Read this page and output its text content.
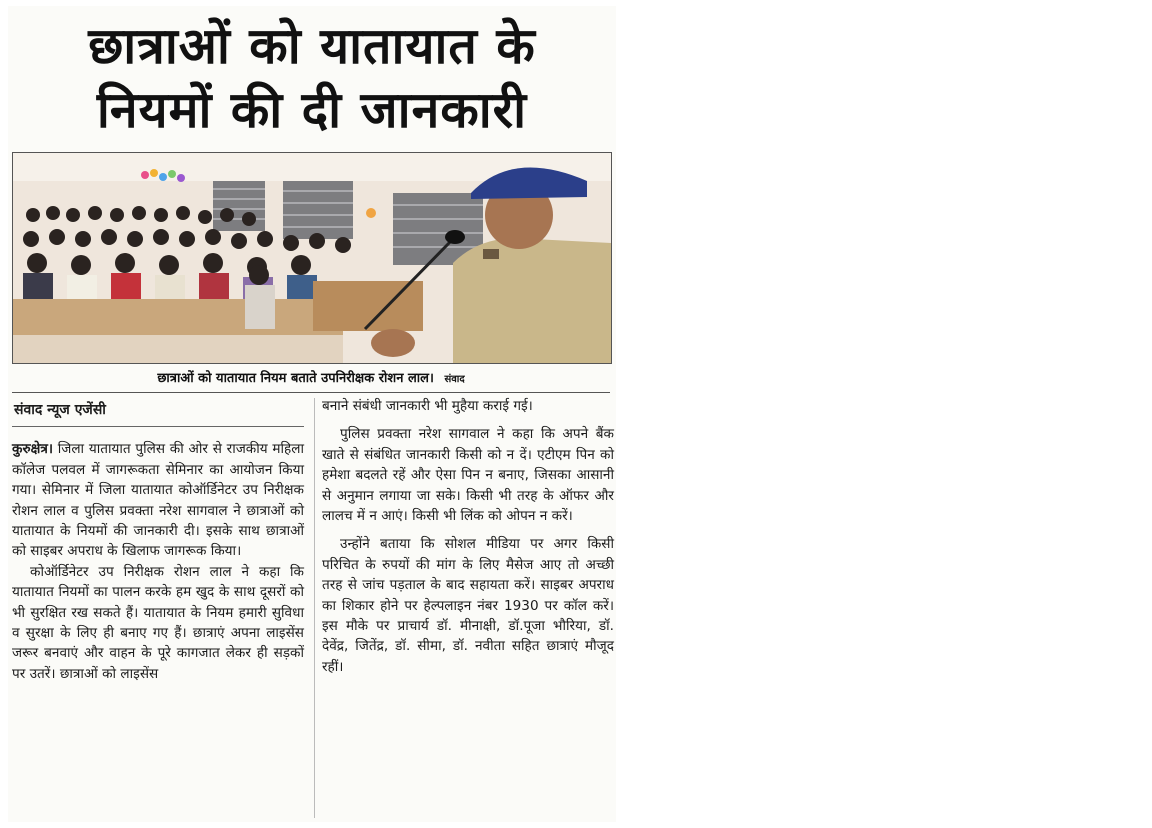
छात्राओं को यातायात के
नियमों की दी जानकारी
छात्राओं को यातायात नियम बताते उपनिरीक्षक रोशन लाल। संवाद
संवाद न्यूज एजेंसी

कुरुक्षेत्र। जिला यातायात पुलिस की ओर से राजकीय महिला कॉलेज पलवल में जागरूकता सेमिनार का आयोजन किया गया। सेमिनार में जिला यातायात कोऑर्डिनेटर उप निरीक्षक रोशन लाल व पुलिस प्रवक्ता नरेश सागवाल ने छात्राओं को यातायात के नियमों की जानकारी दी। इसके साथ छात्राओं को साइबर अपराध के खिलाफ जागरूक किया।

कोऑर्डिनेटर उप निरीक्षक रोशन लाल ने कहा कि यातायात नियमों का पालन करके हम खुद के साथ दूसरों को भी सुरक्षित रख सकते हैं। यातायात के नियम हमारी सुविधा व सुरक्षा के लिए ही बनाए गए हैं। छात्राएं अपना लाइसेंस जरूर बनवाएं और वाहन के पूरे कागजात लेकर ही सड़कों पर उतरें। छात्राओं को लाइसेंस

बनाने संबंधी जानकारी भी मुहैया कराई गई।

पुलिस प्रवक्ता नरेश सागवाल ने कहा कि अपने बैंक खाते से संबंधित जानकारी किसी को न दें। एटीएम पिन को हमेशा बदलते रहें और ऐसा पिन न बनाए, जिसका आसानी से अनुमान लगाया जा सके। किसी भी तरह के ऑफर और लालच में न आएं। किसी भी लिंक को ओपन न करें।

उन्होंने बताया कि सोशल मीडिया पर अगर किसी परिचित के रुपयों की मांग के लिए मैसेज आए तो अच्छी तरह से जांच पड़ताल के बाद सहायता करें। साइबर अपराध का शिकार होने पर हेल्पलाइन नंबर 1930 पर कॉल करें। इस मौके पर प्राचार्य डॉ. मीनाक्षी, डॉ.पूजा भौरिया, डॉ. देवेंद्र, जितेंद्र, डॉ. सीमा, डॉ. नवीता सहित छात्राएं मौजूद रहीं।
